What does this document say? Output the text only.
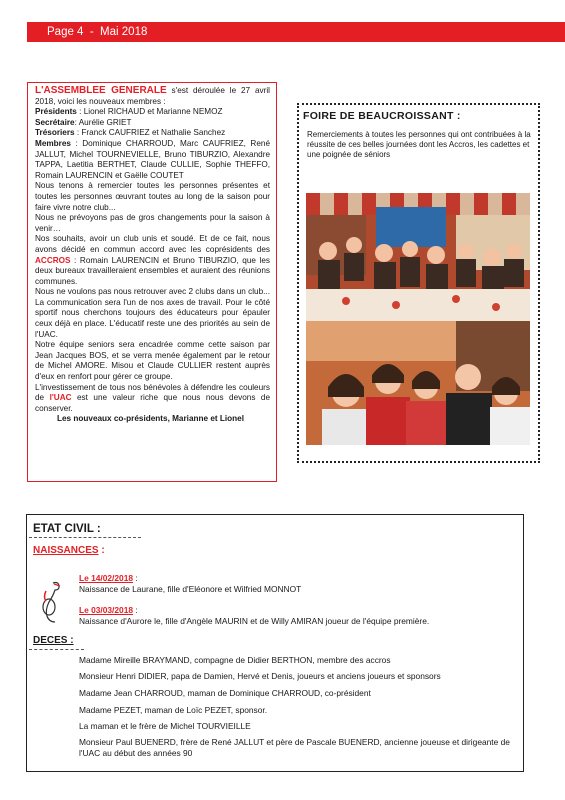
Page 4  -  Mai 2018

L'ASSEMBLEE GENERALE s'est déroulée le 27 avril 2018, voici les nouveaux membres :

Présidents : Lionel RICHAUD et Marianne NEMOZ

Secrétaire: Aurélie GRIET

Trésoriers : Franck CAUFRIEZ et Nathalie Sanchez

Membres : Dominique CHARROUD, Marc CAUFRIEZ, René JALLUT, Michel TOURNEVIELLE, Bruno TIBURZIO, Alexandre TAPPA, Laetitia BERTHET, Claude CULLIE, Sophie THEFFO, Romain LAURENCIN et Gaëlle COUTET

Nous tenons à remercier toutes les personnes présentes et toutes les personnes œuvrant toutes au long de la saison pour faire vivre notre club...

Nous ne prévoyons pas de gros changements pour la saison à venir…

Nos souhaits, avoir un club unis et soudé. Et de ce fait, nous avons décidé en commun accord avec les coprésidents des ACCROS : Romain LAURENCIN et Bruno TIBURZIO, que les deux bureaux travailleraient ensembles et auraient des réunions communes.

Nous ne voulons pas nous retrouver avec 2 clubs dans un club... La communication sera l'un de nos axes de travail. Pour le côté sportif nous cherchons toujours des éducateurs pour épauler ceux déjà en place. L'éducatif reste une des priorités au sein de l'UAC.

Notre équipe seniors sera encadrée comme cette saison par Jean Jacques BOS, et se verra menée également par le retour de Michel AMORE. Misou et Claude CULLIER restent auprès d'eux en renfort pour gérer ce groupe.

L'investissement de tous nos bénévoles à défendre les couleurs de l'UAC est une valeur riche que nous nous devons de conserver.

Les nouveaux co-présidents, Marianne et Lionel

FOIRE DE BEAUCROISSANT :
Remerciements à toutes les personnes qui ont contribuées à la réussite de ces belles journées dont les Accros, les cadettes et une poignée de séniors
ETAT CIVIL :
NAISSANCES :
Le 14/02/2018 :
Naissance de Laurane, fille d'Eléonore et Wilfried MONNOT
Le 03/03/2018 :
Naissance d'Aurore le, fille d'Angèle MAURIN et de Willy AMIRAN joueur de l'équipe première.
DECES :
Madame Mireille BRAYMAND, compagne de Didier BERTHON, membre des accros
Monsieur Henri DIDIER, papa de Damien, Hervé et Denis, joueurs et anciens joueurs et sponsors
Madame Jean CHARROUD, maman de Dominique CHARROUD, co-président
Madame PEZET, maman de Loïc PEZET, sponsor.
La maman et le frère de Michel TOURVIEILLE
Monsieur Paul BUENERD, frère de René JALLUT et père de Pascale BUENERD, ancienne joueuse et dirigeante de l'UAC au début des années 90
